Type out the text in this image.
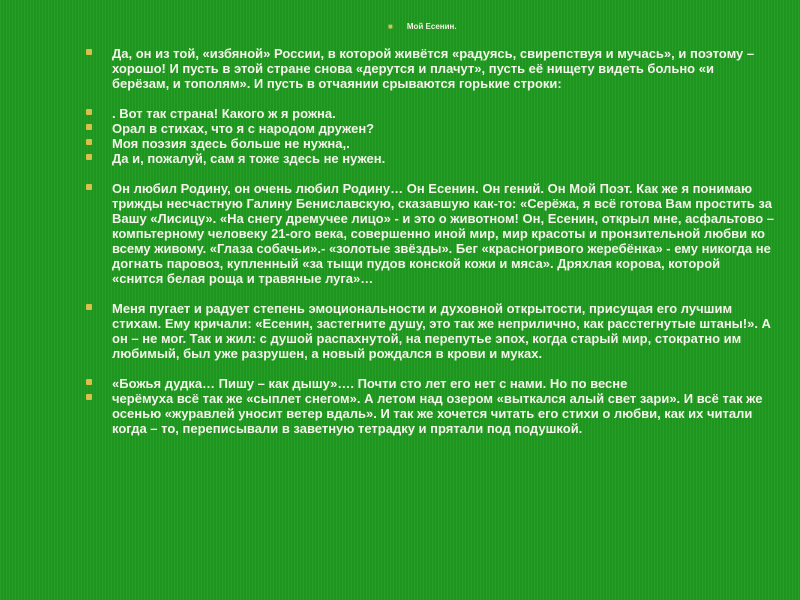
■ Мой Есенин.
Да, он из той, «избяной» России, в которой живётся «радуясь, свирепствуя и мучась», и поэтому – хорошо! И пусть в этой стране снова «дерутся и плачут», пусть её нищету видеть больно «и берёзам, и тополям». И пусть в отчаянии срываются горькие строки:
. Вот так страна! Какого ж я рожна.
Орал в стихах, что я с народом дружен?
Моя поэзия здесь больше не нужна,.
Да и, пожалуй, сам я тоже здесь не нужен.
Он любил Родину, он очень любил Родину… Он Есенин. Он гений. Он Мой Поэт. Как же я понимаю трижды несчастную Галину Бениславскую, сказавшую как-то: «Серёжа, я всё готова Вам простить за Вашу «Лисицу». «На снегу дремучее лицо» - и это о животном! Он, Есенин, открыл мне, асфальтово – компьтерному человеку 21-ого века, совершенно иной мир, мир красоты и пронзительной любви ко всему живому. «Глаза собачьи».- «золотые звёзды». Бег «красногривого жеребёнка» - ему никогда не догнать паровоз, купленный «за тыщи пудов конской кожи и мяса». Дряхлая корова, которой «снится белая роща и травяные луга»…
Меня пугает и радует степень эмоциональности и духовной открытости, присущая его лучшим стихам. Ему кричали: «Есенин, застегните душу, это так же неприлично, как расстегнутые штаны!». А он – не мог. Так и жил: с душой распахнутой, на перепутье эпох, когда старый мир, стократно им любимый, был уже разрушен, а новый рождался в крови и муках.
«Божья дудка… Пишу – как дышу»…. Почти сто лет его нет с нами. Но по весне
черёмуха всё так же «сыплет снегом». А летом над озером «выткался алый свет зари». И всё так же осенью «журавлей уносит ветер вдаль». И так же хочется читать его стихи о любви, как их читали когда – то, переписывали в заветную тетрадку и прятали под подушкой.
